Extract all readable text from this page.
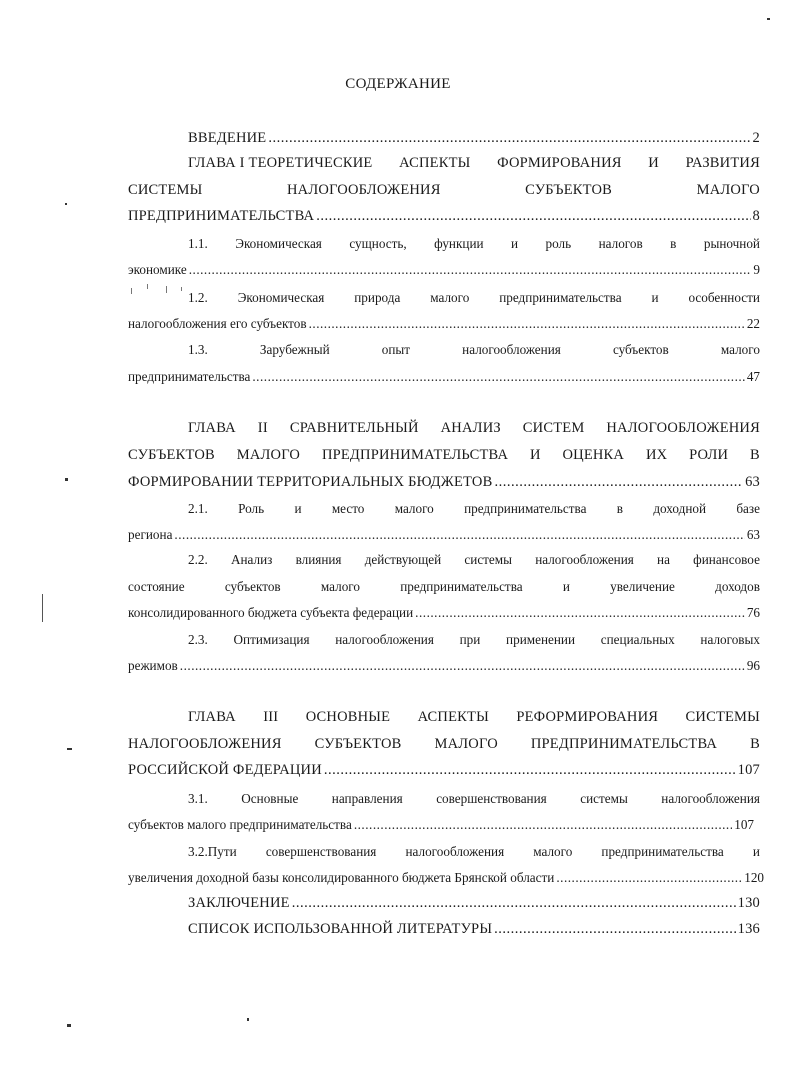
СОДЕРЖАНИЕ
ВВЕДЕНИЕ .....	2
ГЛАВА I ТЕОРЕТИЧЕСКИЕ АСПЕКТЫ ФОРМИРОВАНИЯ И РАЗВИТИЯ
СИСТЕМЫ	НАЛОГООБЛОЖЕНИЯ	СУБЪЕКТОВ	МАЛОГО
ПРЕДПРИНИМАТЕЛЬСТВА .....	8
1.1. Экономическая сущность, функции и роль налогов в рыночной
экономике .....	9
1.2. Экономическая природа малого предпринимательства и особенности
налогообложения его субъектов .....	22
1.3.	Зарубежный	опыт	налогообложения	субъектов	малого
предпринимательства .....	47
ГЛАВА II СРАВНИТЕЛЬНЫЙ АНАЛИЗ СИСТЕМ НАЛОГООБЛОЖЕНИЯ
СУБЪЕКТОВ МАЛОГО ПРЕДПРИНИМАТЕЛЬСТВА И ОЦЕНКА ИХ РОЛИ В
ФОРМИРОВАНИИ ТЕРРИТОРИАЛЬНЫХ БЮДЖЕТОВ .....	63
2.1. Роль и место малого предпринимательства в доходной базе
региона .....	63
2.2. Анализ влияния действующей системы налогообложения на финансовое
состояние	субъектов	малого	предпринимательства	и	увеличение	доходов
консолидированного бюджета субъекта федерации .....	76
2.3. Оптимизация налогообложения при применении специальных налоговых
режимов .....	96
ГЛАВА III ОСНОВНЫЕ АСПЕКТЫ РЕФОРМИРОВАНИЯ СИСТЕМЫ
НАЛОГООБЛОЖЕНИЯ СУБЪЕКТОВ МАЛОГО ПРЕДПРИНИМАТЕЛЬСТВА В
РОССИЙСКОЙ ФЕДЕРАЦИИ .....	107
3.1.	Основные	направления	совершенствования	системы	налогообложения
субъектов малого предпринимательства .....	107
3.2.Пути совершенствования налогообложения малого предпринимательства и
увеличения доходной базы консолидированного бюджета Брянской области .....	120
ЗАКЛЮЧЕНИЕ .....	130
СПИСОК ИСПОЛЬЗОВАННОЙ ЛИТЕРАТУРЫ .....	136
